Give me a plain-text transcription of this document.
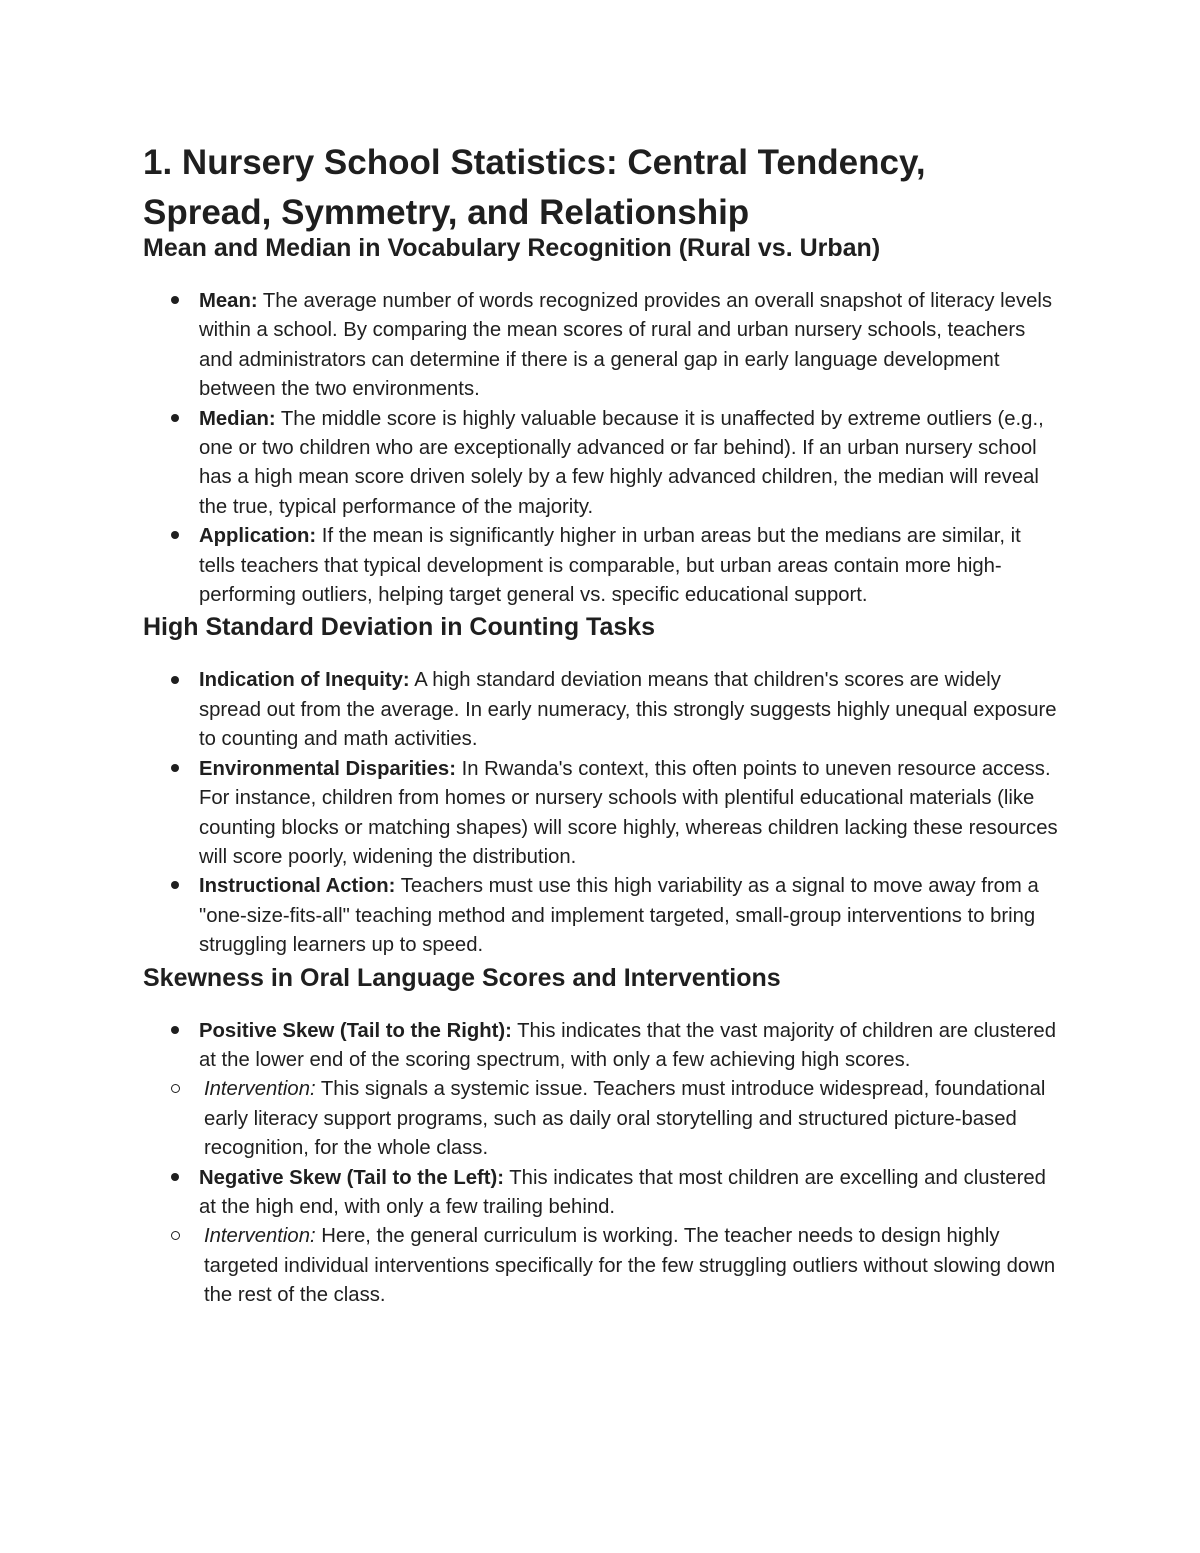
1. Nursery School Statistics: Central Tendency, Spread, Symmetry, and Relationship
Mean and Median in Vocabulary Recognition (Rural vs. Urban)
Mean: The average number of words recognized provides an overall snapshot of literacy levels within a school. By comparing the mean scores of rural and urban nursery schools, teachers and administrators can determine if there is a general gap in early language development between the two environments.
Median: The middle score is highly valuable because it is unaffected by extreme outliers (e.g., one or two children who are exceptionally advanced or far behind). If an urban nursery school has a high mean score driven solely by a few highly advanced children, the median will reveal the true, typical performance of the majority.
Application: If the mean is significantly higher in urban areas but the medians are similar, it tells teachers that typical development is comparable, but urban areas contain more high-performing outliers, helping target general vs. specific educational support.
High Standard Deviation in Counting Tasks
Indication of Inequity: A high standard deviation means that children's scores are widely spread out from the average. In early numeracy, this strongly suggests highly unequal exposure to counting and math activities.
Environmental Disparities: In Rwanda's context, this often points to uneven resource access. For instance, children from homes or nursery schools with plentiful educational materials (like counting blocks or matching shapes) will score highly, whereas children lacking these resources will score poorly, widening the distribution.
Instructional Action: Teachers must use this high variability as a signal to move away from a "one-size-fits-all" teaching method and implement targeted, small-group interventions to bring struggling learners up to speed.
Skewness in Oral Language Scores and Interventions
Positive Skew (Tail to the Right): This indicates that the vast majority of children are clustered at the lower end of the scoring spectrum, with only a few achieving high scores.
Intervention: This signals a systemic issue. Teachers must introduce widespread, foundational early literacy support programs, such as daily oral storytelling and structured picture-based recognition, for the whole class.
Negative Skew (Tail to the Left): This indicates that most children are excelling and clustered at the high end, with only a few trailing behind.
Intervention: Here, the general curriculum is working. The teacher needs to design highly targeted individual interventions specifically for the few struggling outliers without slowing down the rest of the class.
